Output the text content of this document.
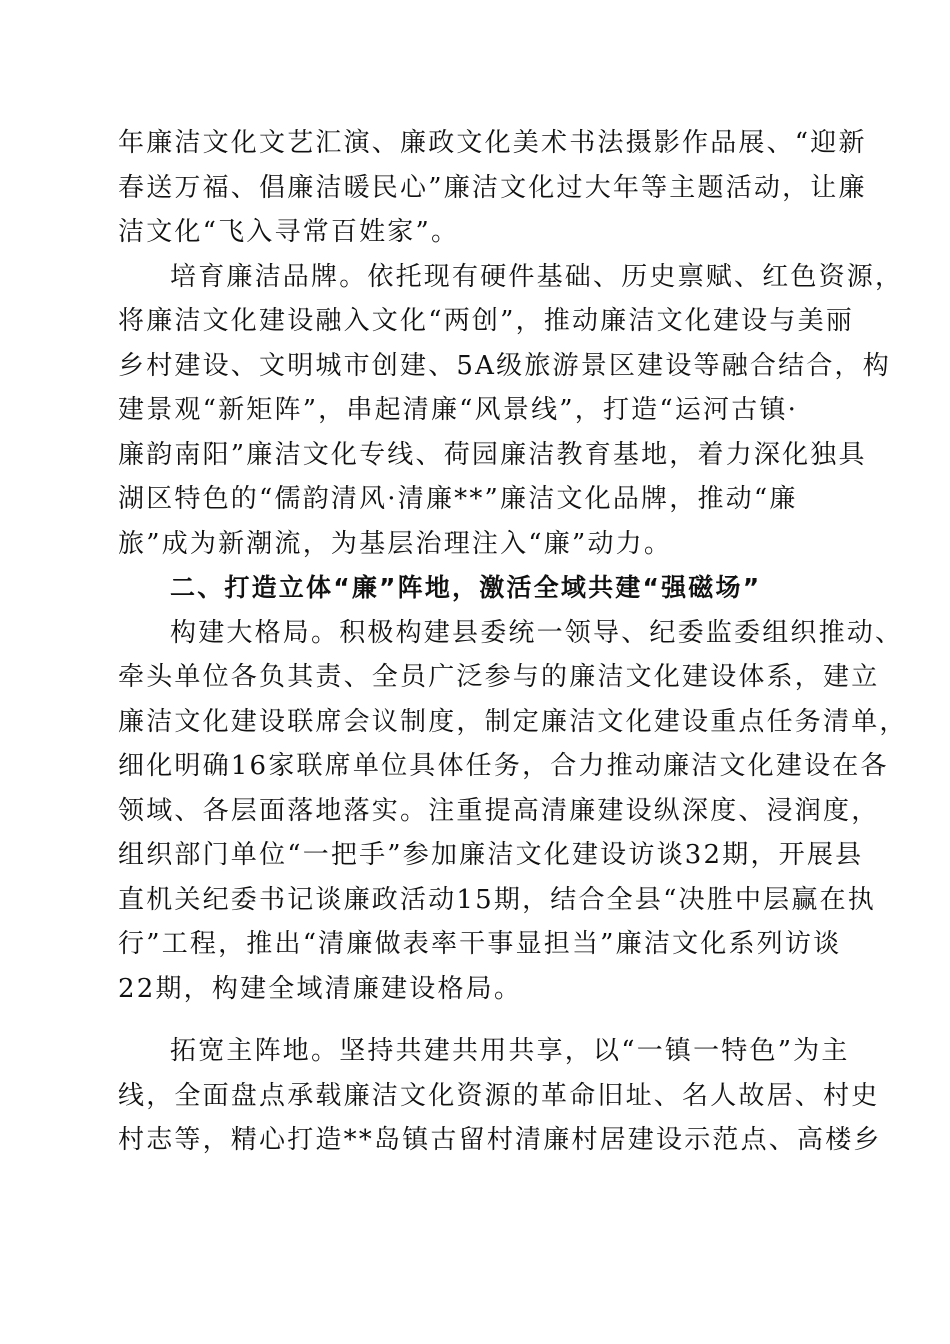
年廉洁文化文艺汇演、廉政文化美术书法摄影作品展、“迎新
春送万福、倡廉洁暖民心”廉洁文化过大年等主题活动，让廉
洁文化“飞入寻常百姓家”。
培育廉洁品牌。依托现有硬件基础、历史禀赋、红色资源，
将廉洁文化建设融入文化“两创”，推动廉洁文化建设与美丽
乡村建设、文明城市创建、5A级旅游景区建设等融合结合，构
建景观“新矩阵”，串起清廉“风景线”，打造“运河古镇·
廉韵南阳”廉洁文化专线、荷园廉洁教育基地，着力深化独具
湖区特色的“儒韵清风·清廉**”廉洁文化品牌，推动“廉
旅”成为新潮流，为基层治理注入“廉”动力。
二、打造立体“廉”阵地，激活全域共建“强磁场”
构建大格局。积极构建县委统一领导、纪委监委组织推动、
牵头单位各负其责、全员广泛参与的廉洁文化建设体系，建立
廉洁文化建设联席会议制度，制定廉洁文化建设重点任务清单，
细化明确16家联席单位具体任务，合力推动廉洁文化建设在各
领域、各层面落地落实。注重提高清廉建设纵深度、浸润度，
组织部门单位“一把手”参加廉洁文化建设访谈32期，开展县
直机关纪委书记谈廉政活动15期，结合全县“决胜中层赢在执
行”工程，推出“清廉做表率干事显担当”廉洁文化系列访谈
22期，构建全域清廉建设格局。
拓宽主阵地。坚持共建共用共享，以“一镇一特色”为主
线，全面盘点承载廉洁文化资源的革命旧址、名人故居、村史
村志等，精心打造**岛镇古留村清廉村居建设示范点、高楼乡
